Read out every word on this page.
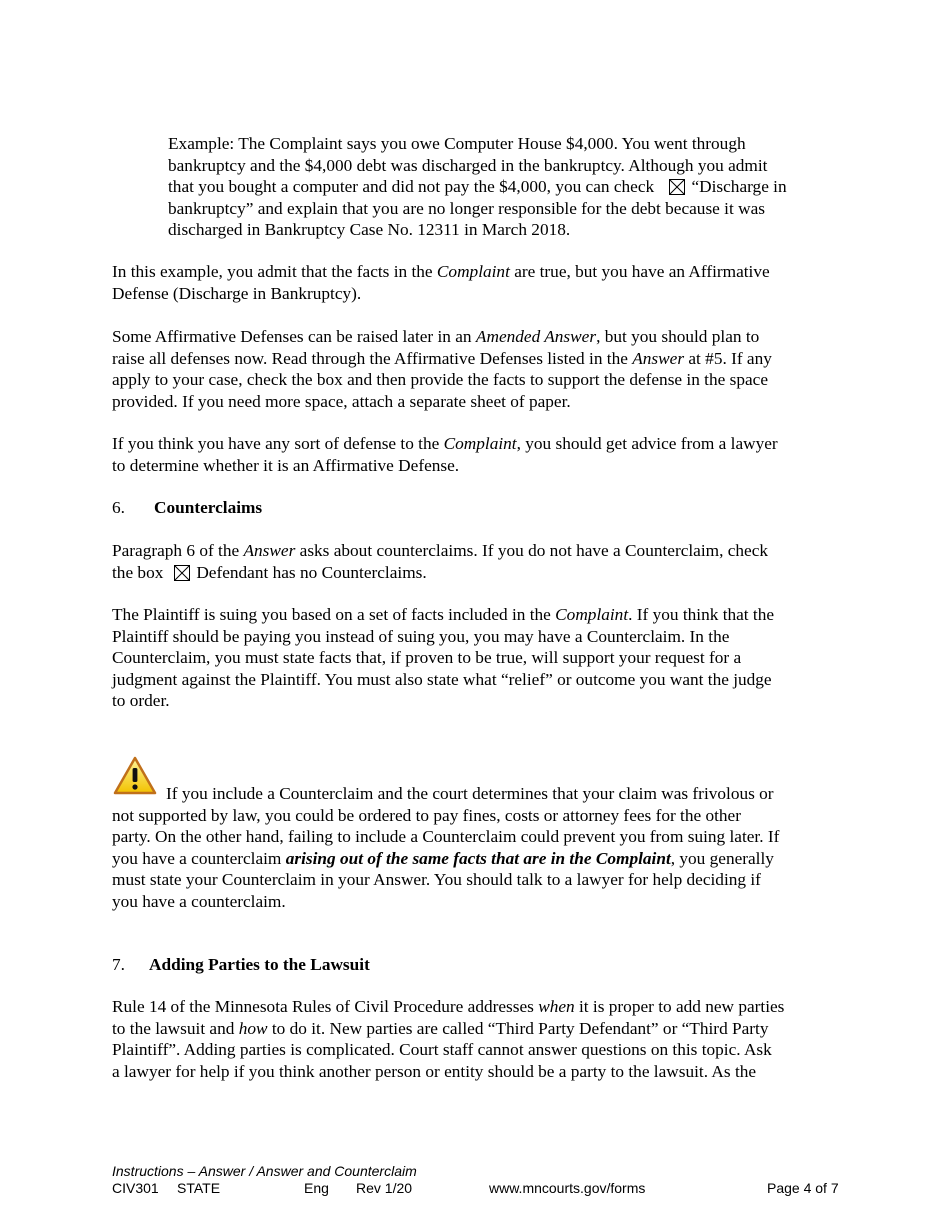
Example: The Complaint says you owe Computer House $4,000. You went through
bankruptcy and the $4,000 debt was discharged in the bankruptcy. Although you admit
that you bought a computer and did not pay the $4,000, you can check “Discharge in
bankruptcy” and explain that you are no longer responsible for the debt because it was
discharged in Bankruptcy Case No. 12311 in March 2018.
In this example, you admit that the facts in the Complaint are true, but you have an Affirmative
Defense (Discharge in Bankruptcy).
Some Affirmative Defenses can be raised later in an Amended Answer, but you should plan to
raise all defenses now. Read through the Affirmative Defenses listed in the Answer at #5. If any
apply to your case, check the box and then provide the facts to support the defense in the space
provided. If you need more space, attach a separate sheet of paper.
If you think you have any sort of defense to the Complaint, you should get advice from a lawyer
to determine whether it is an Affirmative Defense.
6. Counterclaims
Paragraph 6 of the Answer asks about counterclaims. If you do not have a Counterclaim, check
the box Defendant has no Counterclaims.
The Plaintiff is suing you based on a set of facts included in the Complaint. If you think that the
Plaintiff should be paying you instead of suing you, you may have a Counterclaim. In the
Counterclaim, you must state facts that, if proven to be true, will support your request for a
judgment against the Plaintiff. You must also state what “relief” or outcome you want the judge
to order.
If you include a Counterclaim and the court determines that your claim was frivolous or
not supported by law, you could be ordered to pay fines, costs or attorney fees for the other
party. On the other hand, failing to include a Counterclaim could prevent you from suing later. If
you have a counterclaim arising out of the same facts that are in the Complaint, you generally
must state your Counterclaim in your Answer. You should talk to a lawyer for help deciding if
you have a counterclaim.
7. Adding Parties to the Lawsuit
Rule 14 of the Minnesota Rules of Civil Procedure addresses when it is proper to add new parties
to the lawsuit and how to do it. New parties are called “Third Party Defendant” or “Third Party
Plaintiff”. Adding parties is complicated. Court staff cannot answer questions on this topic. Ask
a lawyer for help if you think another person or entity should be a party to the lawsuit. As the
Instructions – Answer / Answer and Counterclaim
CIV301 STATE	Eng Rev 1/20	www.mncourts.gov/forms	Page 4 of 7
